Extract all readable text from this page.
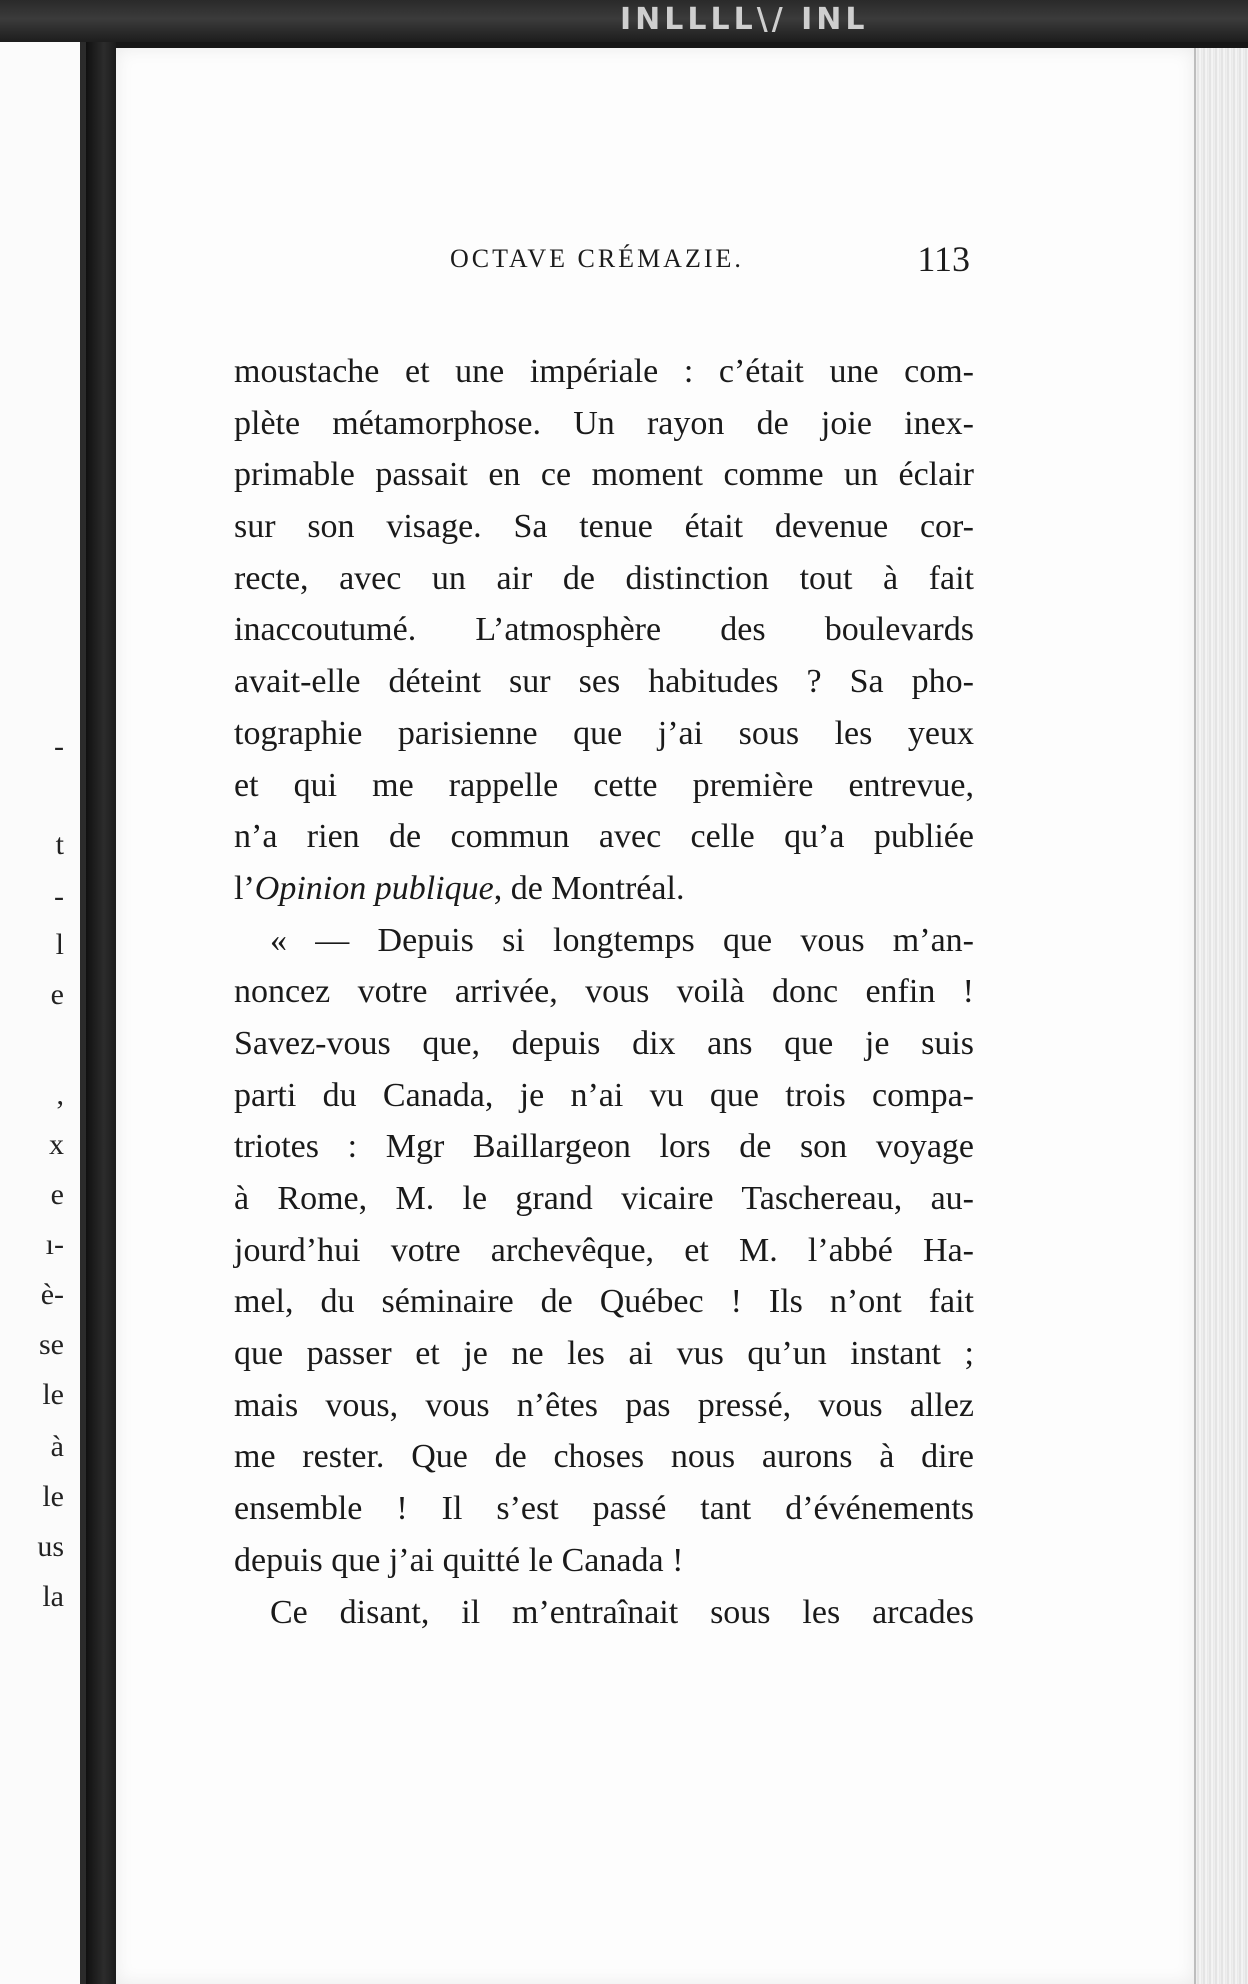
INLLLL\/ INL
-
t
-
l
e
,
x
e
ı-
è-
se
le
à
le
us
la
OCTAVE CRÉMAZIE.	113
moustache et une impériale : c’était une com-
plète métamorphose. Un rayon de joie inex-
primable passait en ce moment comme un éclair
sur son visage. Sa tenue était devenue cor-
recte, avec un air de distinction tout à fait
inaccoutumé. L’atmosphère des boulevards
avait-elle déteint sur ses habitudes ? Sa pho-
tographie parisienne que j’ai sous les yeux
et qui me rappelle cette première entrevue,
n’a rien de commun avec celle qu’a publiée
l’Opinion publique, de Montréal.
« — Depuis si longtemps que vous m’an-
noncez votre arrivée, vous voilà donc enfin !
Savez-vous que, depuis dix ans que je suis
parti du Canada, je n’ai vu que trois compa-
triotes : Mgr Baillargeon lors de son voyage
à Rome, M. le grand vicaire Taschereau, au-
jourd’hui votre archevêque, et M. l’abbé Ha-
mel, du séminaire de Québec ! Ils n’ont fait
que passer et je ne les ai vus qu’un instant ;
mais vous, vous n’êtes pas pressé, vous allez
me rester. Que de choses nous aurons à dire
ensemble ! Il s’est passé tant d’événements
depuis que j’ai quitté le Canada !
Ce disant, il m’entraînait sous les arcades
